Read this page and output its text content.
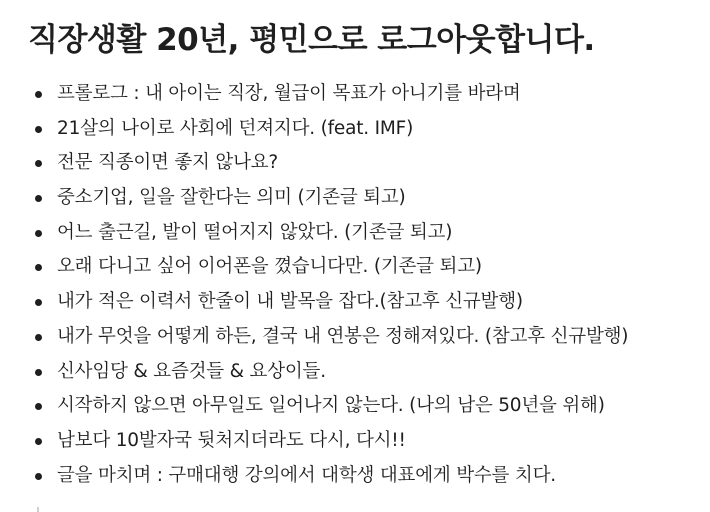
직장생활 20년, 평민으로 로그아웃합니다.
프롤로그 : 내 아이는 직장, 월급이 목표가 아니기를 바라며
21살의 나이로 사회에 던져지다. (feat. IMF)
전문 직종이면 좋지 않나요?
중소기업, 일을 잘한다는 의미 (기존글 퇴고)
어느 출근길, 발이 떨어지지 않았다. (기존글 퇴고)
오래 다니고 싶어 이어폰을 꼈습니다만. (기존글 퇴고)
내가 적은 이력서 한줄이 내 발목을 잡다.(참고후 신규발행)
내가 무엇을 어떻게 하든, 결국 내 연봉은 정해져있다. (참고후 신규발행)
신사임당 & 요즘것들 & 요상이들.
시작하지 않으면 아무일도 일어나지 않는다. (나의 남은 50년을 위해)
남보다 10발자국 뒷처지더라도 다시, 다시!!
글을 마치며 : 구매대행 강의에서 대학생 대표에게 박수를 치다.
